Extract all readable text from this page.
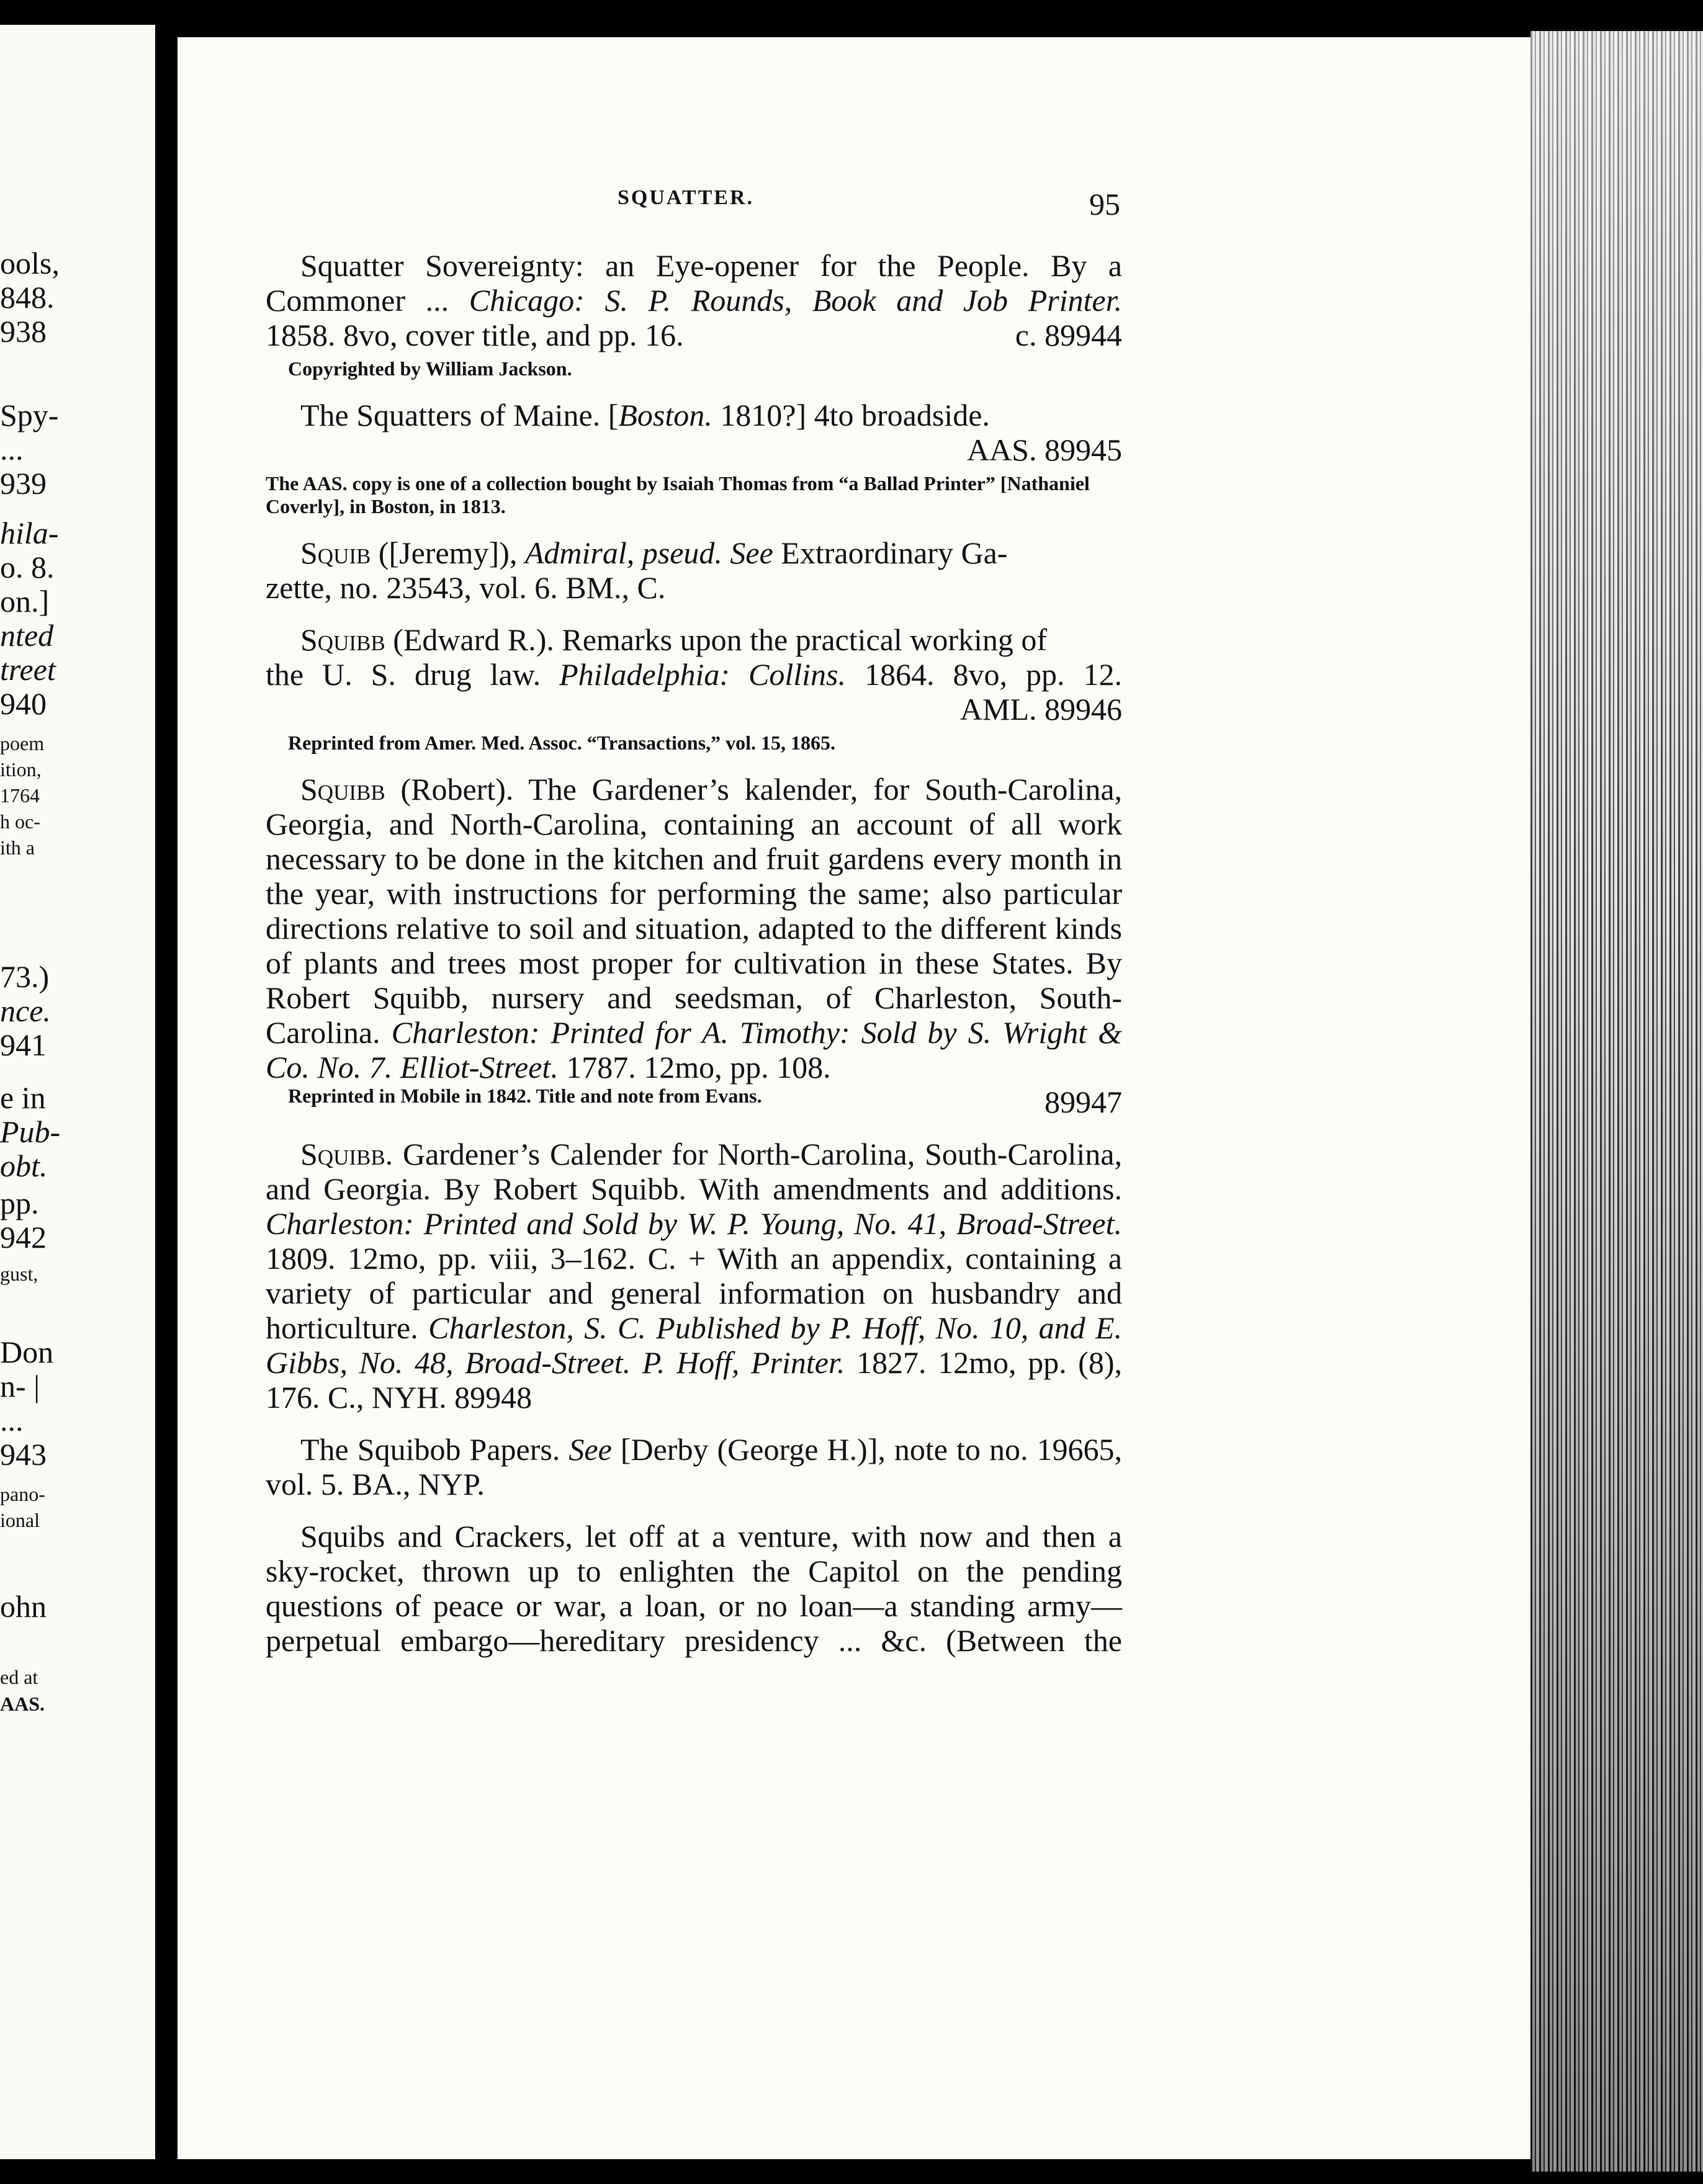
ools,
848.
938
Spy-
...
939
hila-
o. 8.
on.]
nted
treet
940
poem
ition,
1764
h oc-
ith a
73.)
nce.
941
e in
Pub-
obt.
pp.
942
gust,
Don
n- |
...
943
pano-
ional
ohn
ed at
AAS.
SQUATTER.	95

Squatter Sovereignty: an Eye-opener for the People. By a

Commoner ... Chicago: S. P. Rounds, Book and Job Printer.

1858. 8vo, cover title, and pp. 16.	c. 89944
Copyrighted by William Jackson.

The Squatters of Maine. [Boston. 1810?] 4to broadside.

AAS. 89945
The AAS. copy is one of a collection bought by Isaiah Thomas from “a Ballad Printer” [Nathaniel Coverly], in Boston, in 1813.

Squib ([Jeremy]), Admiral, pseud. See Extraordinary Ga-

zette, no. 23543, vol. 6. BM., C.

Squibb (Edward R.). Remarks upon the practical working of

the U. S. drug law. Philadelphia: Collins. 1864. 8vo, pp. 12.

AML. 89946
Reprinted from Amer. Med. Assoc. “Transactions,” vol. 15, 1865.

Squibb (Robert). The Gardener’s kalender, for South-Carolina, Georgia, and North-Carolina, containing an account of all work necessary to be done in the kitchen and fruit gardens every month in the year, with instructions for performing the same; also particular directions relative to soil and situation, adapted to the different kinds of plants and trees most proper for cultivation in these States. By Robert Squibb, nursery and seedsman, of Charleston, South-Carolina. Charleston: Printed for A. Timothy: Sold by S. Wright & Co. No. 7. Elliot-Street. 1787. 12mo, pp. 108.

Reprinted in Mobile in 1842. Title and note from Evans.	89947

Squibb. Gardener’s Calender for North-Carolina, South-Carolina, and Georgia. By Robert Squibb. With amendments and additions. Charleston: Printed and Sold by W. P. Young, No. 41, Broad-Street. 1809. 12mo, pp. viii, 3–162. C. + With an appendix, containing a variety of particular and general information on husbandry and horticulture. Charleston, S. C. Published by P. Hoff, No. 10, and E. Gibbs, No. 48, Broad-Street. P. Hoff, Printer. 1827. 12mo, pp. (8), 176. C., NYH. 89948

The Squibob Papers. See [Derby (George H.)], note to no. 19665, vol. 5. BA., NYP.

Squibs and Crackers, let off at a venture, with now and then a sky-rocket, thrown up to enlighten the Capitol on the pending questions of peace or war, a loan, or no loan—a standing army—perpetual embargo—hereditary presidency ... &c. (Between the
